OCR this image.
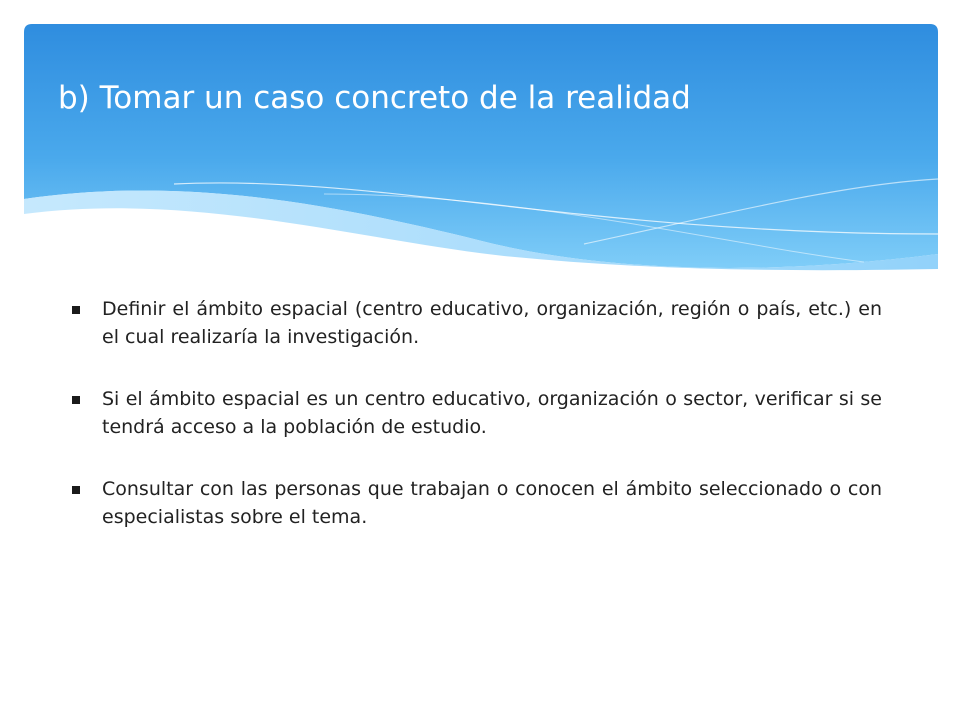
b) Tomar un caso concreto de la realidad
Definir el ámbito espacial (centro educativo, organización, región o país, etc.) en el cual realizaría la investigación.
Si el ámbito espacial es un centro educativo, organización o sector, verificar si se tendrá acceso a la población de estudio.
Consultar con las personas que trabajan o conocen el ámbito seleccionado o con especialistas sobre el tema.
